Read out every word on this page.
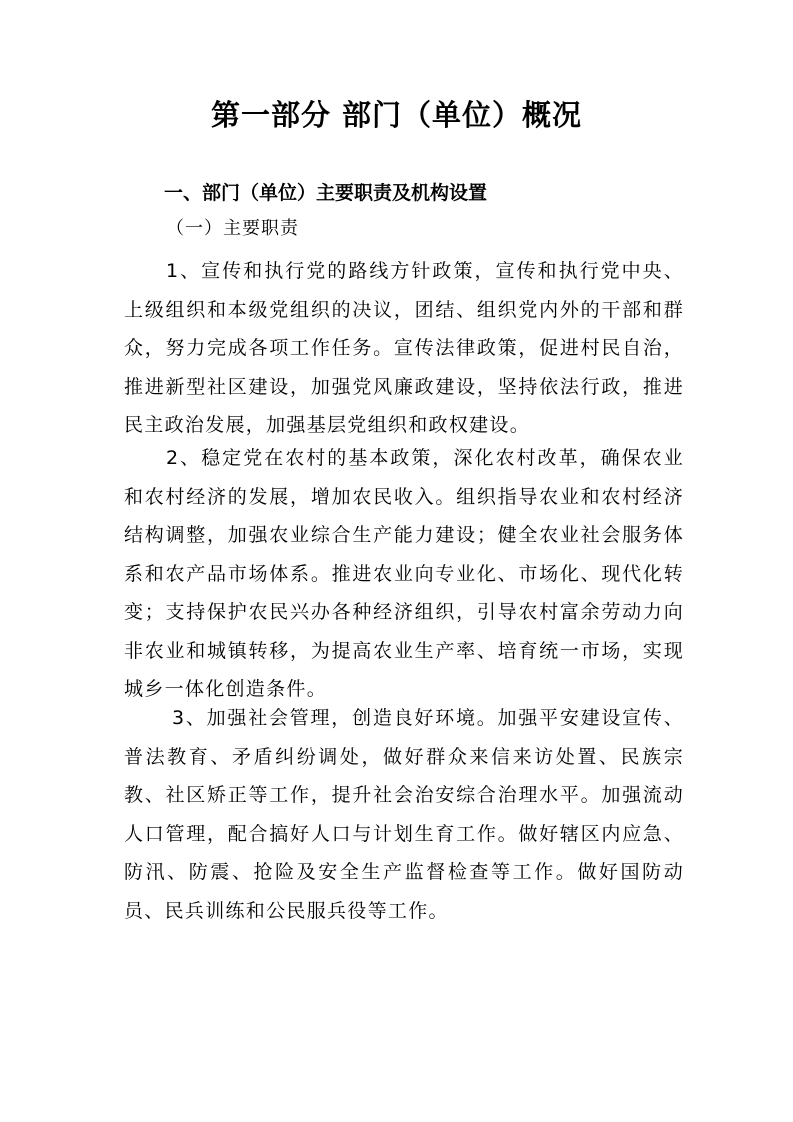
第一部分 部门（单位）概况
一、部门（单位）主要职责及机构设置
（一）主要职责

1、宣传和执行党的路线方针政策，宣传和执行党中央、上级组织和本级党组织的决议，团结、组织党内外的干部和群众，努力完成各项工作任务。宣传法律政策，促进村民自治，推进新型社区建设，加强党风廉政建设，坚持依法行政，推进民主政治发展，加强基层党组织和政权建设。

2、稳定党在农村的基本政策，深化农村改革，确保农业和农村经济的发展，增加农民收入。组织指导农业和农村经济结构调整，加强农业综合生产能力建设；健全农业社会服务体系和农产品市场体系。推进农业向专业化、市场化、现代化转变；支持保护农民兴办各种经济组织，引导农村富余劳动力向非农业和城镇转移，为提高农业生产率、培育统一市场，实现城乡一体化创造条件。

3、加强社会管理，创造良好环境。加强平安建设宣传、普法教育、矛盾纠纷调处，做好群众来信来访处置、民族宗教、社区矫正等工作，提升社会治安综合治理水平。加强流动人口管理，配合搞好人口与计划生育工作。做好辖区内应急、防汛、防震、抢险及安全生产监督检查等工作。做好国防动员、民兵训练和公民服兵役等工作。
